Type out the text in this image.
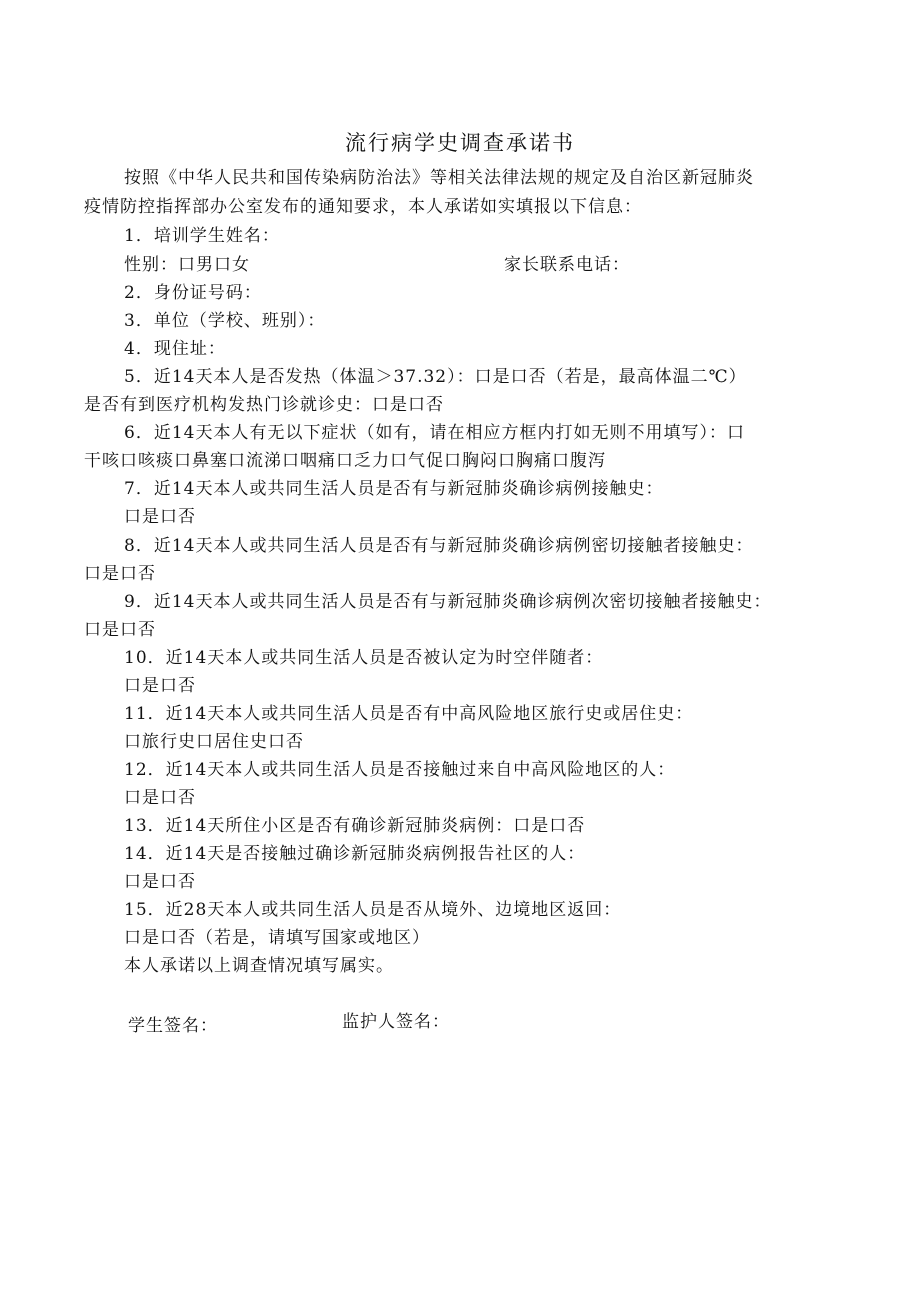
流行病学史调查承诺书
按照《中华人民共和国传染病防治法》等相关法律法规的规定及自治区新冠肺炎
疫情防控指挥部办公室发布的通知要求，本人承诺如实填报以下信息：
1．培训学生姓名：
性别：口男口女	家长联系电话：
2．身份证号码：
3．单位（学校、班别）：
4．现住址：
5．近14天本人是否发热（体温＞37.32）：口是口否（若是，最高体温二℃）
是否有到医疗机构发热门诊就诊史：口是口否
6．近14天本人有无以下症状（如有，请在相应方框内打如无则不用填写）：口
干咳口咳痰口鼻塞口流涕口咽痛口乏力口气促口胸闷口胸痛口腹泻
7．近14天本人或共同生活人员是否有与新冠肺炎确诊病例接触史：
口是口否
8．近14天本人或共同生活人员是否有与新冠肺炎确诊病例密切接触者接触史：
口是口否
9．近14天本人或共同生活人员是否有与新冠肺炎确诊病例次密切接触者接触史：
口是口否
10．近14天本人或共同生活人员是否被认定为时空伴随者：
口是口否
11．近14天本人或共同生活人员是否有中高风险地区旅行史或居住史：
口旅行史口居住史口否
12．近14天本人或共同生活人员是否接触过来自中高风险地区的人：
口是口否
13．近14天所住小区是否有确诊新冠肺炎病例：口是口否
14．近14天是否接触过确诊新冠肺炎病例报告社区的人：
口是口否
15．近28天本人或共同生活人员是否从境外、边境地区返回：
口是口否（若是，请填写国家或地区）
本人承诺以上调查情况填写属实。
学生签名：	监护人签名：
